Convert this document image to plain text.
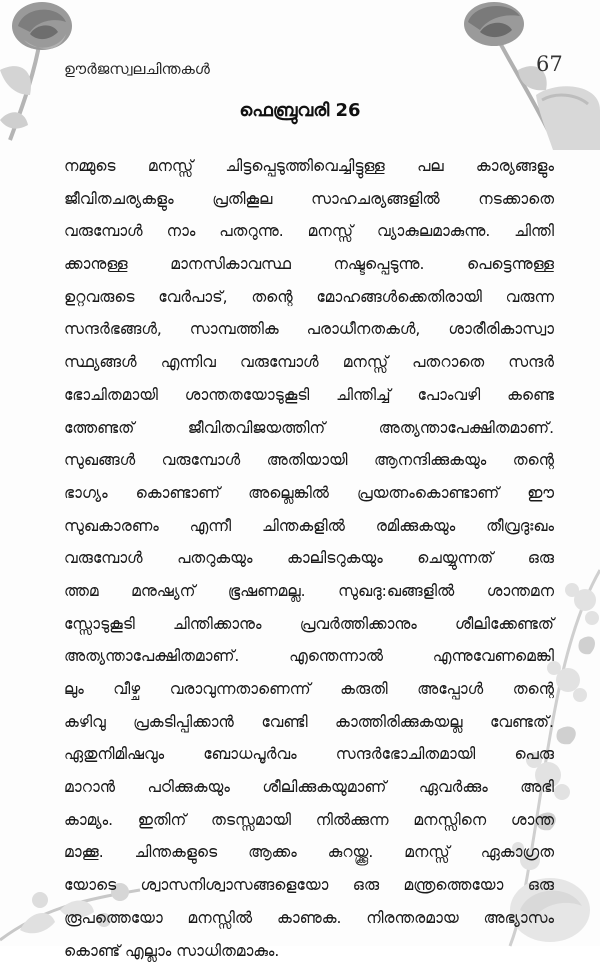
ഊർജസ്വലചിന്തകൾ	67
ഫെബ്രുവരി 26
നമ്മുടെ മനസ്സ് ചിട്ടപ്പെടുത്തിവെച്ചിട്ടുള്ള പല കാര്യങ്ങളും
ജീവിതചര്യകളും പ്രതികൂല സാഹചര്യങ്ങളിൽ നടക്കാതെ
വരുമ്പോൾ നാം പതറുന്നു. മനസ്സ് വ്യാകുലമാകുന്നു. ചിന്തി
ക്കാനുള്ള മാനസികാവസ്ഥ നഷ്ടപ്പെടുന്നു. പെട്ടെന്നുള്ള
ഉറ്റവരുടെ വേർപാട്, തന്റെ മോഹങ്ങൾക്കെതിരായി വരുന്ന
സന്ദർഭങ്ങൾ, സാമ്പത്തിക പരാധീനതകൾ, ശാരീരികാസ്വാ
സ്ഥ്യങ്ങൾ എന്നിവ വരുമ്പോൾ മനസ്സ് പതറാതെ സന്ദർ
ഭോചിതമായി ശാന്തതയോടുകൂടി ചിന്തിച്ച് പോംവഴി കണ്ടെ
ത്തേണ്ടത് ജീവിതവിജയത്തിന് അത്യന്താപേക്ഷിതമാണ്.
സുഖങ്ങൾ വരുമ്പോൾ അതിയായി ആനന്ദിക്കുകയും തന്റെ
ഭാഗ്യം കൊണ്ടാണ് അല്ലെങ്കിൽ പ്രയത്നംകൊണ്ടാണ് ഈ
സുഖകാരണം എന്നീ ചിന്തകളിൽ രമിക്കുകയും തീവ്രദുഃഖം
വരുമ്പോൾ പതറുകയും കാലിടറുകയും ചെയ്യുന്നത് ഒരു
ത്തമ മനുഷ്യന് ഭൂഷണമല്ല. സുഖദു:ഖങ്ങളിൽ ശാന്തമന
സ്സോടുകൂടി ചിന്തിക്കാനും പ്രവർത്തിക്കാനും ശീലിക്കേണ്ടത്
അത്യന്താപേക്ഷിതമാണ്. എന്തെന്നാൽ എന്നുവേണമെങ്കി
ലും വീഴ്ച വരാവുന്നതാണെന്ന് കരുതി അപ്പോൾ തന്റെ
കഴിവു പ്രകടിപ്പിക്കാൻ വേണ്ടി കാത്തിരിക്കുകയല്ല വേണ്ടത്.
ഏതുനിമിഷവും ബോധപൂർവം സന്ദർഭോചിതമായി പെരു
മാറാൻ പഠിക്കുകയും ശീലിക്കുകയുമാണ് ഏവർക്കും അഭി
കാമ്യം. ഇതിന് തടസ്സമായി നിൽക്കുന്ന മനസ്സിനെ ശാന്ത
മാക്കൂ. ചിന്തകളുടെ ആക്കം കുറയ്ക്കൂ. മനസ്സ് ഏകാഗ്രത
യോടെ ശ്വാസനിശ്വാസങ്ങളെയോ ഒരു മന്ത്രത്തെയോ ഒരു
രൂപത്തെയോ മനസ്സിൽ കാണുക. നിരന്തരമായ അഭ്യാസം
കൊണ്ട് എല്ലാം സാധിതമാകും.
